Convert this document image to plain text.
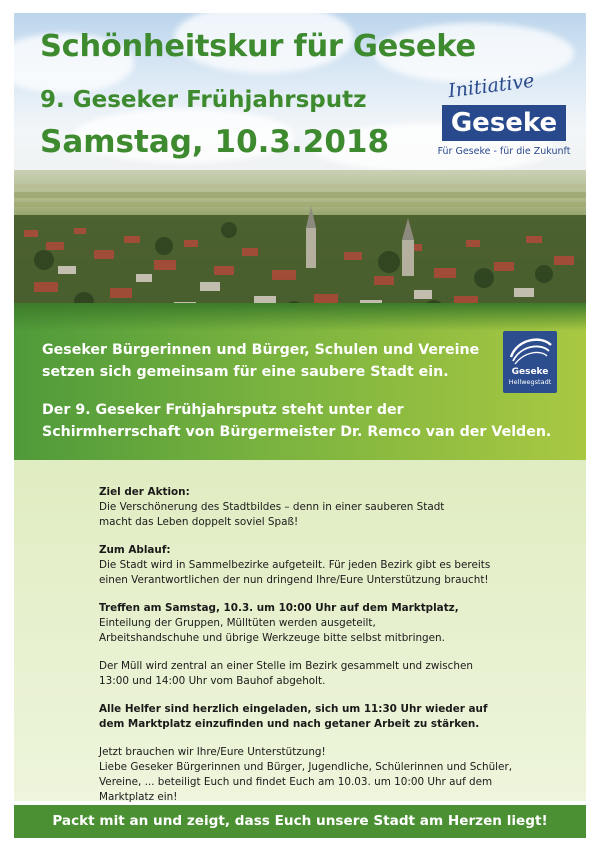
Schönheitskur für Geseke
9. Geseker Frühjahrsputz
Samstag, 10.3.2018
Initiative
Geseke
Für Geseke - für die Zukunft

Geseker Bürgerinnen und Bürger, Schulen und Vereine
setzen sich gemeinsam für eine saubere Stadt ein.

Der 9. Geseker Frühjahrsputz steht unter der
Schirmherrschaft von Bürgermeister Dr. Remco van der Velden.

Geseke
Hellwegstadt
Ziel der Aktion:
Die Verschönerung des Stadtbildes – denn in einer sauberen Stadt
macht das Leben doppelt soviel Spaß!
Zum Ablauf:
Die Stadt wird in Sammelbezirke aufgeteilt. Für jeden Bezirk gibt es bereits
einen Verantwortlichen der nun dringend Ihre/Eure Unterstützung braucht!
Treffen am Samstag, 10.3. um 10:00 Uhr auf dem Marktplatz,
Einteilung der Gruppen, Mülltüten werden ausgeteilt,
Arbeitshandschuhe und übrige Werkzeuge bitte selbst mitbringen.
Der Müll wird zentral an einer Stelle im Bezirk gesammelt und zwischen
13:00 und 14:00 Uhr vom Bauhof abgeholt.
Alle Helfer sind herzlich eingeladen, sich um 11:30 Uhr wieder auf
dem Marktplatz einzufinden und nach getaner Arbeit zu stärken.
Jetzt brauchen wir Ihre/Eure Unterstützung!
Liebe Geseker Bürgerinnen und Bürger, Jugendliche, Schülerinnen und Schüler,
Vereine, ... beteiligt Euch und findet Euch am 10.03. um 10:00 Uhr auf dem
Marktplatz ein!
Packt mit an und zeigt, dass Euch unsere Stadt am Herzen liegt!
